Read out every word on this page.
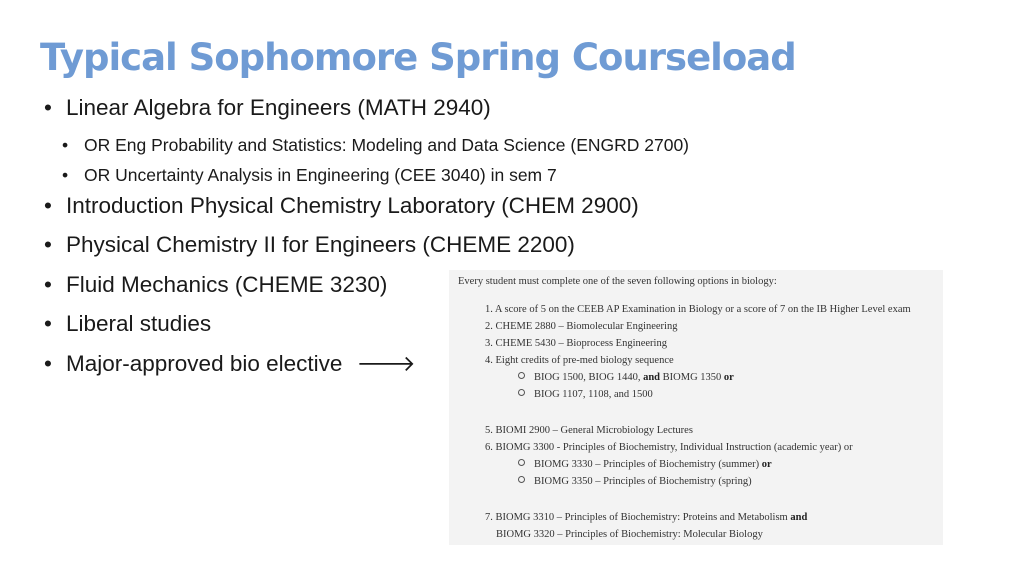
Typical Sophomore Spring Courseload
• Linear Algebra for Engineers (MATH 2940)
• OR Eng Probability and Statistics: Modeling and Data Science (ENGRD 2700)
• OR Uncertainty Analysis in Engineering (CEE 3040) in sem 7
• Introduction Physical Chemistry Laboratory (CHEM 2900)
• Physical Chemistry II for Engineers (CHEME 2200)
• Fluid Mechanics (CHEME 3230)
• Liberal studies
• Major-approved bio elective 🡒
Every student must complete one of the seven following options in biology:
1. A score of 5 on the CEEB AP Examination in Biology or a score of 7 on the IB Higher Level exam
2. CHEME 2880 – Biomolecular Engineering
3. CHEME 5430 – Bioprocess Engineering
4. Eight credits of pre-med biology sequence
BIOG 1500, BIOG 1440, and BIOMG 1350 or
BIOG 1107, 1108, and 1500
5. BIOMI 2900 – General Microbiology Lectures
6. BIOMG 3300 - Principles of Biochemistry, Individual Instruction (academic year) or
BIOMG 3330 – Principles of Biochemistry (summer) or
BIOMG 3350 – Principles of Biochemistry (spring)
7. BIOMG 3310 – Principles of Biochemistry: Proteins and Metabolism and
BIOMG 3320 – Principles of Biochemistry: Molecular Biology
